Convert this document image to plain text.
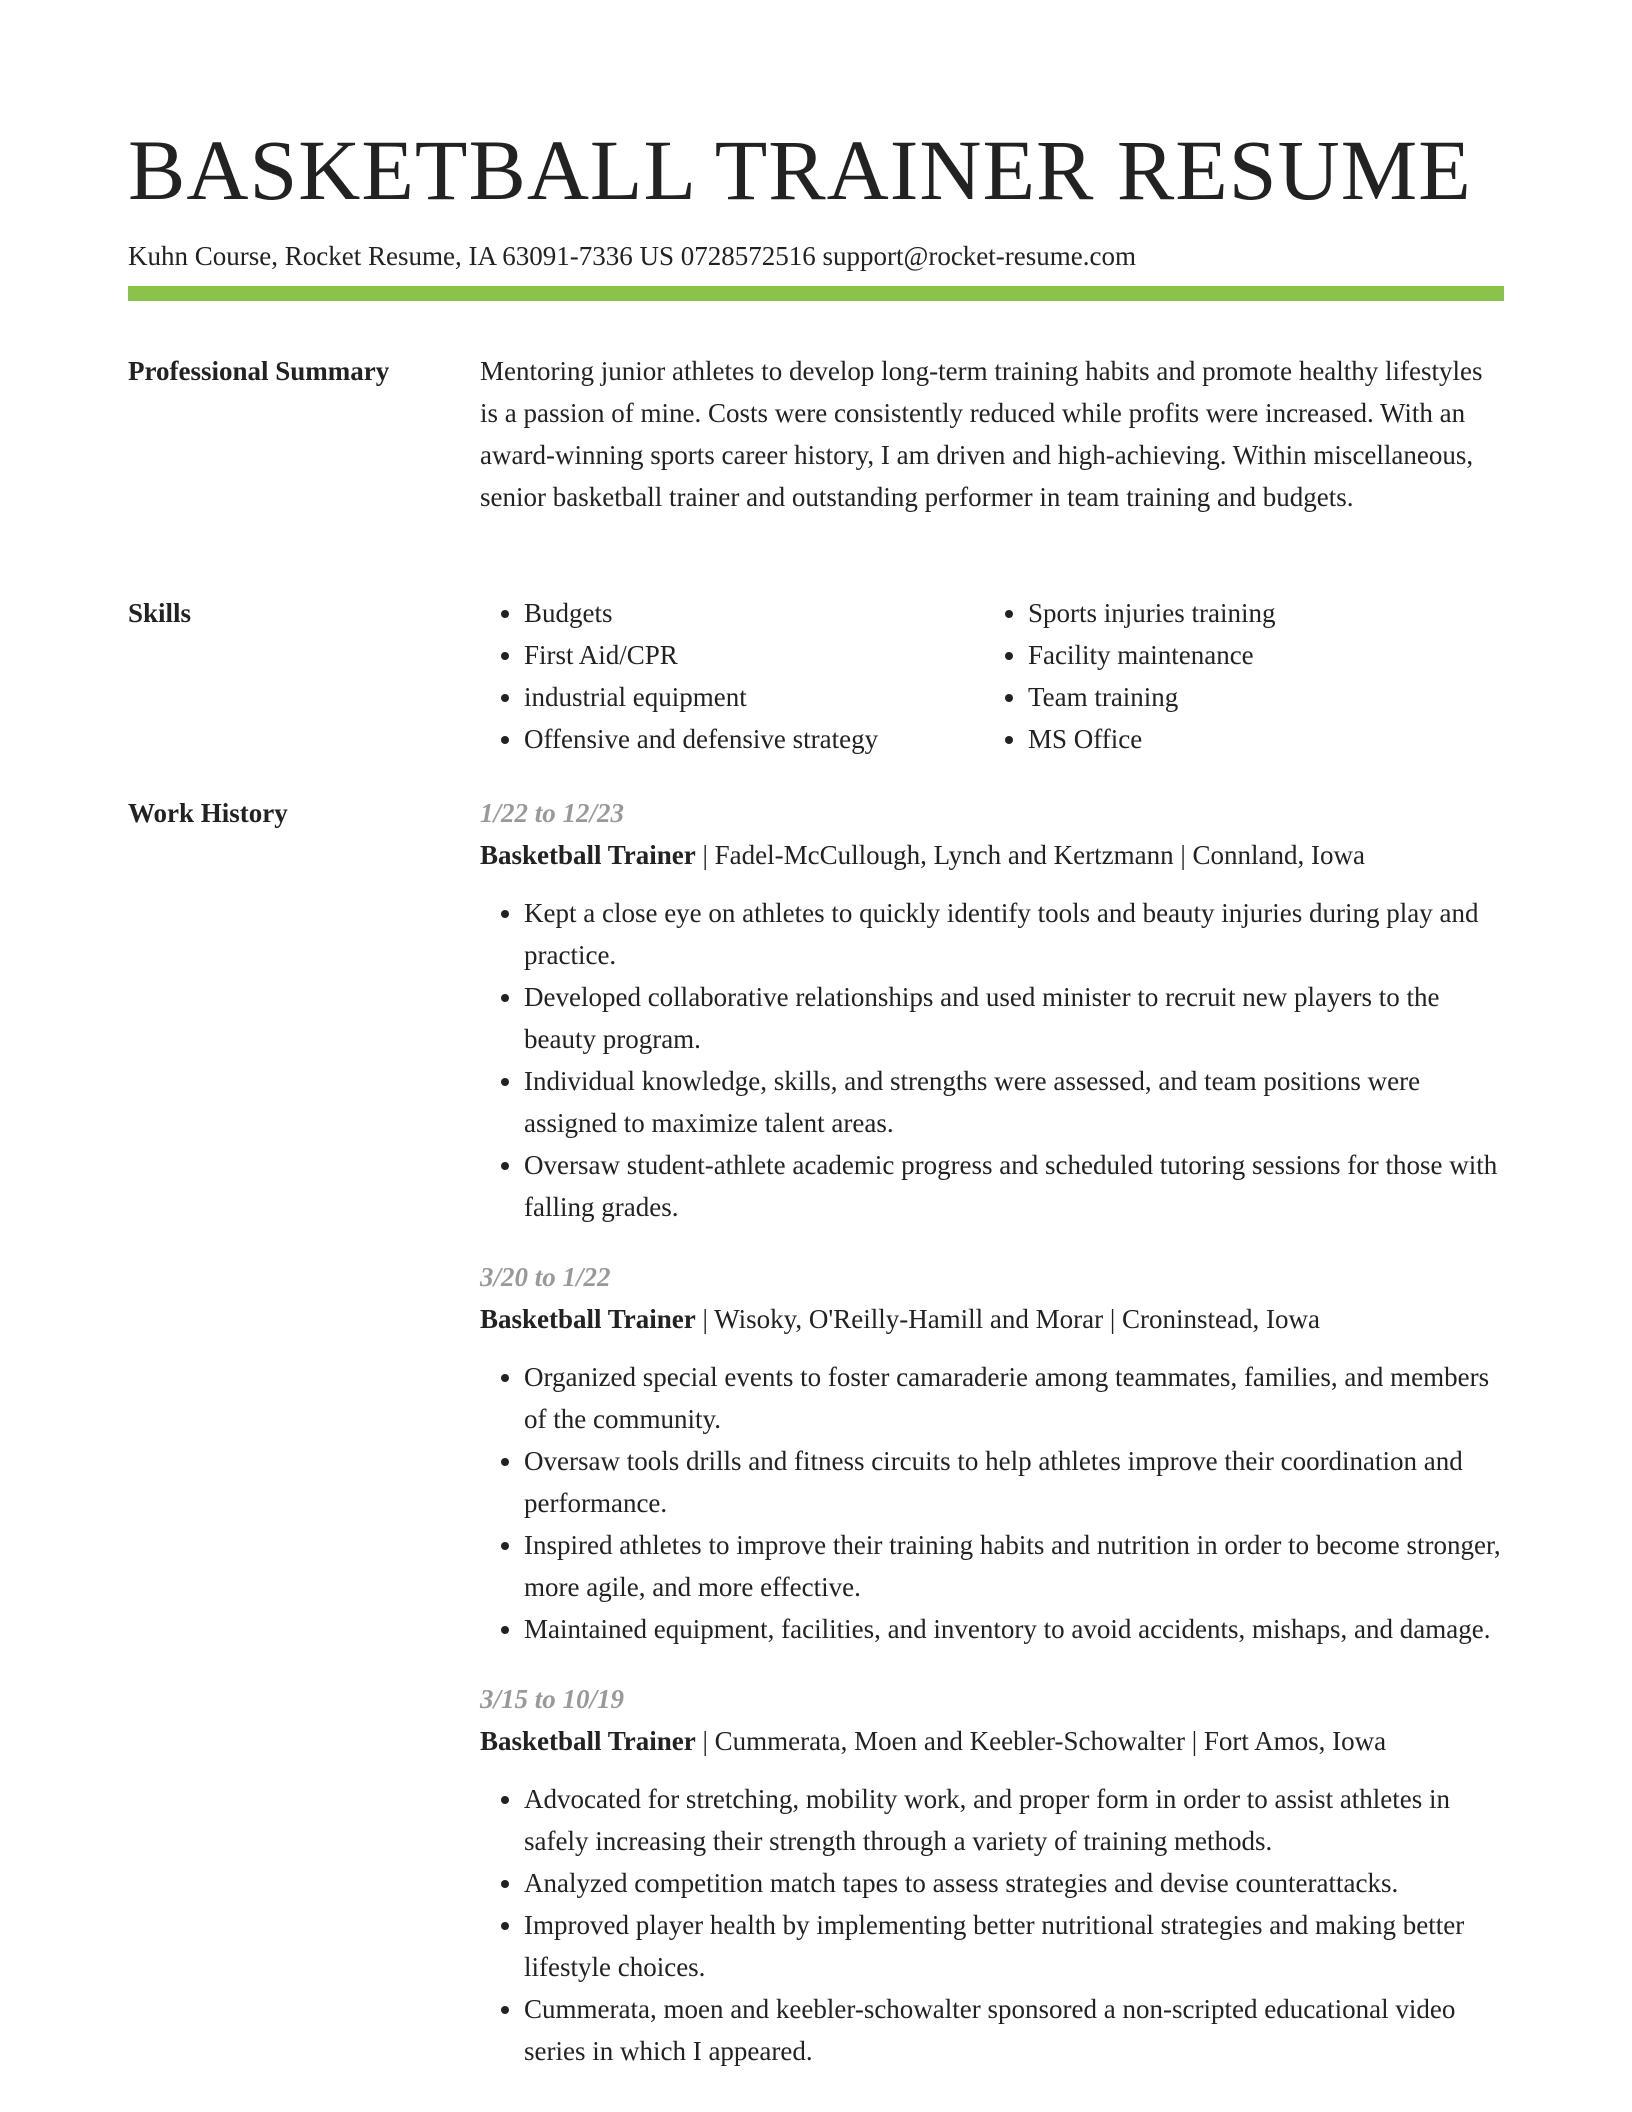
BASKETBALL TRAINER RESUME
Kuhn Course, Rocket Resume, IA 63091-7336 US 0728572516 support@rocket-resume.com
Professional Summary	Mentoring junior athletes to develop long-term training habits and promote healthy lifestyles is a passion of mine. Costs were consistently reduced while profits were increased. With an award-winning sports career history, I am driven and high-achieving. Within miscellaneous, senior basketball trainer and outstanding performer in team training and budgets.

Skills
•	Budgets
• First Aid/CPR
• industrial equipment
• Offensive and defensive strategy
• Sports injuries training
• Facility maintenance
• Team training
• MS Office
Work History	1/22 to 12/23
Basketball Trainer | Fadel-McCullough, Lynch and Kertzmann | Connland, Iowa
• Kept a close eye on athletes to quickly identify tools and beauty injuries during play and practice.
• Developed collaborative relationships and used minister to recruit new players to the beauty program.
• Individual knowledge, skills, and strengths were assessed, and team positions were assigned to maximize talent areas.
• Oversaw student-athlete academic progress and scheduled tutoring sessions for those with falling grades.
3/20 to 1/22
Basketball Trainer | Wisoky, O'Reilly-Hamill and Morar | Croninstead, Iowa
• Organized special events to foster camaraderie among teammates, families, and members of the community.
• Oversaw tools drills and fitness circuits to help athletes improve their coordination and performance.
• Inspired athletes to improve their training habits and nutrition in order to become stronger, more agile, and more effective.
• Maintained equipment, facilities, and inventory to avoid accidents, mishaps, and damage.
3/15 to 10/19
Basketball Trainer | Cummerata, Moen and Keebler-Schowalter | Fort Amos, Iowa
• Advocated for stretching, mobility work, and proper form in order to assist athletes in safely increasing their strength through a variety of training methods.
• Analyzed competition match tapes to assess strategies and devise counterattacks.
• Improved player health by implementing better nutritional strategies and making better lifestyle choices.
• Cummerata, moen and keebler-schowalter sponsored a non-scripted educational video series in which I appeared.
